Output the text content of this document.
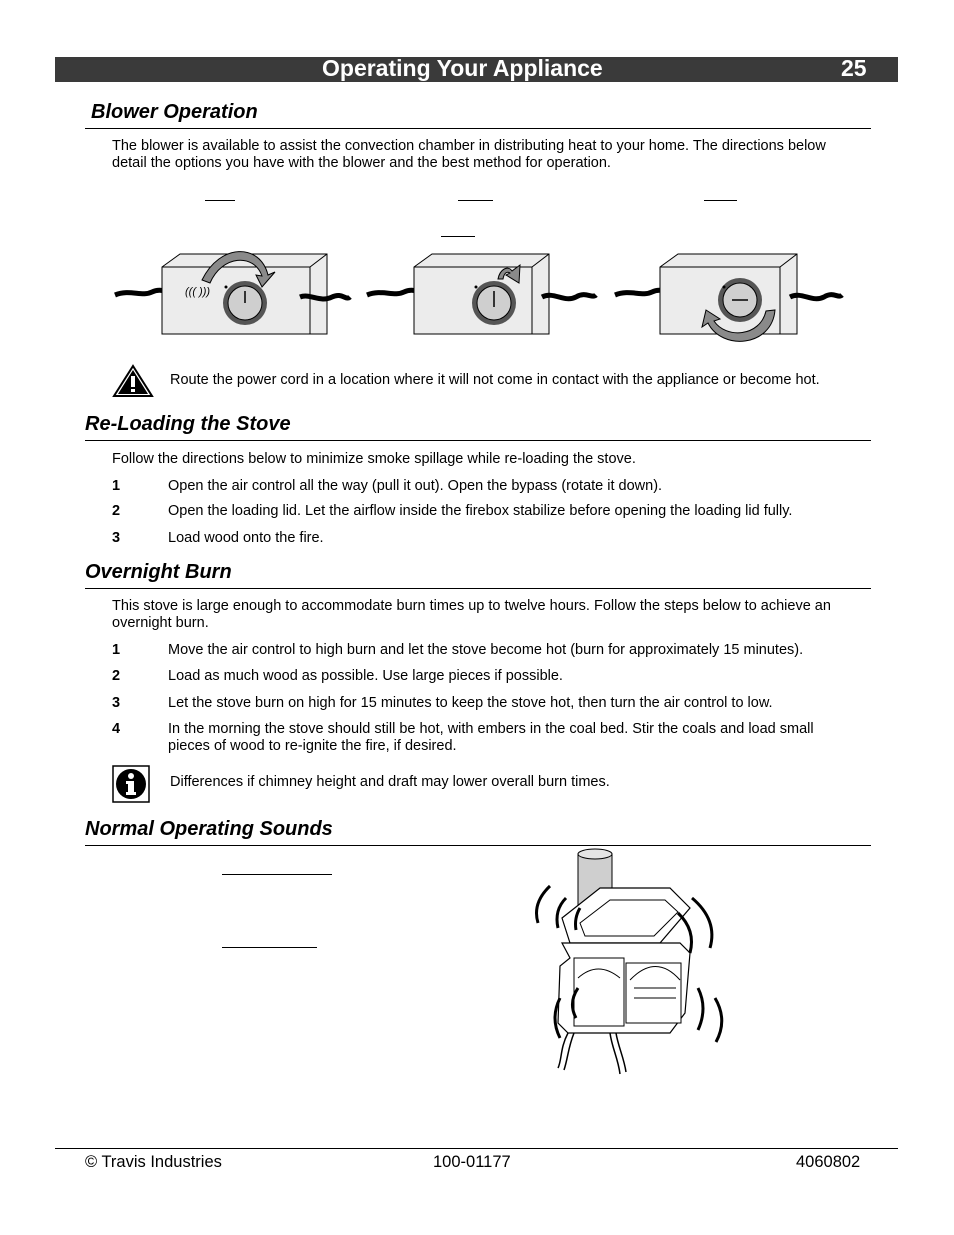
Operating Your Appliance	25
Blower Operation
The blower is available to assist the convection chamber in distributing heat to your home. The directions below detail the options you have with the blower and the best method for operation.
((( )))
Route the power cord in a location where it will not come in contact with the appliance or become hot.
Re-Loading the Stove
Follow the directions below to minimize smoke spillage while re-loading the stove.
1	Open the air control all the way (pull it out). Open the bypass (rotate it down).
2	Open the loading lid. Let the airflow inside the firebox stabilize before opening the loading lid fully.
3	Load wood onto the fire.
Overnight Burn
This stove is large enough to accommodate burn times up to twelve hours. Follow the steps below to achieve an overnight burn.
1	Move the air control to high burn and let the stove become hot (burn for approximately 15 minutes).
2	Load as much wood as possible. Use large pieces if possible.
3	Let the stove burn on high for 15 minutes to keep the stove hot, then turn the air control to low.
4	In the morning the stove should still be hot, with embers in the coal bed. Stir the coals and load small pieces of wood to re-ignite the fire, if desired.
Differences if chimney height and draft may lower overall burn times.
Normal Operating Sounds
© Travis Industries	100-01177	4060802
